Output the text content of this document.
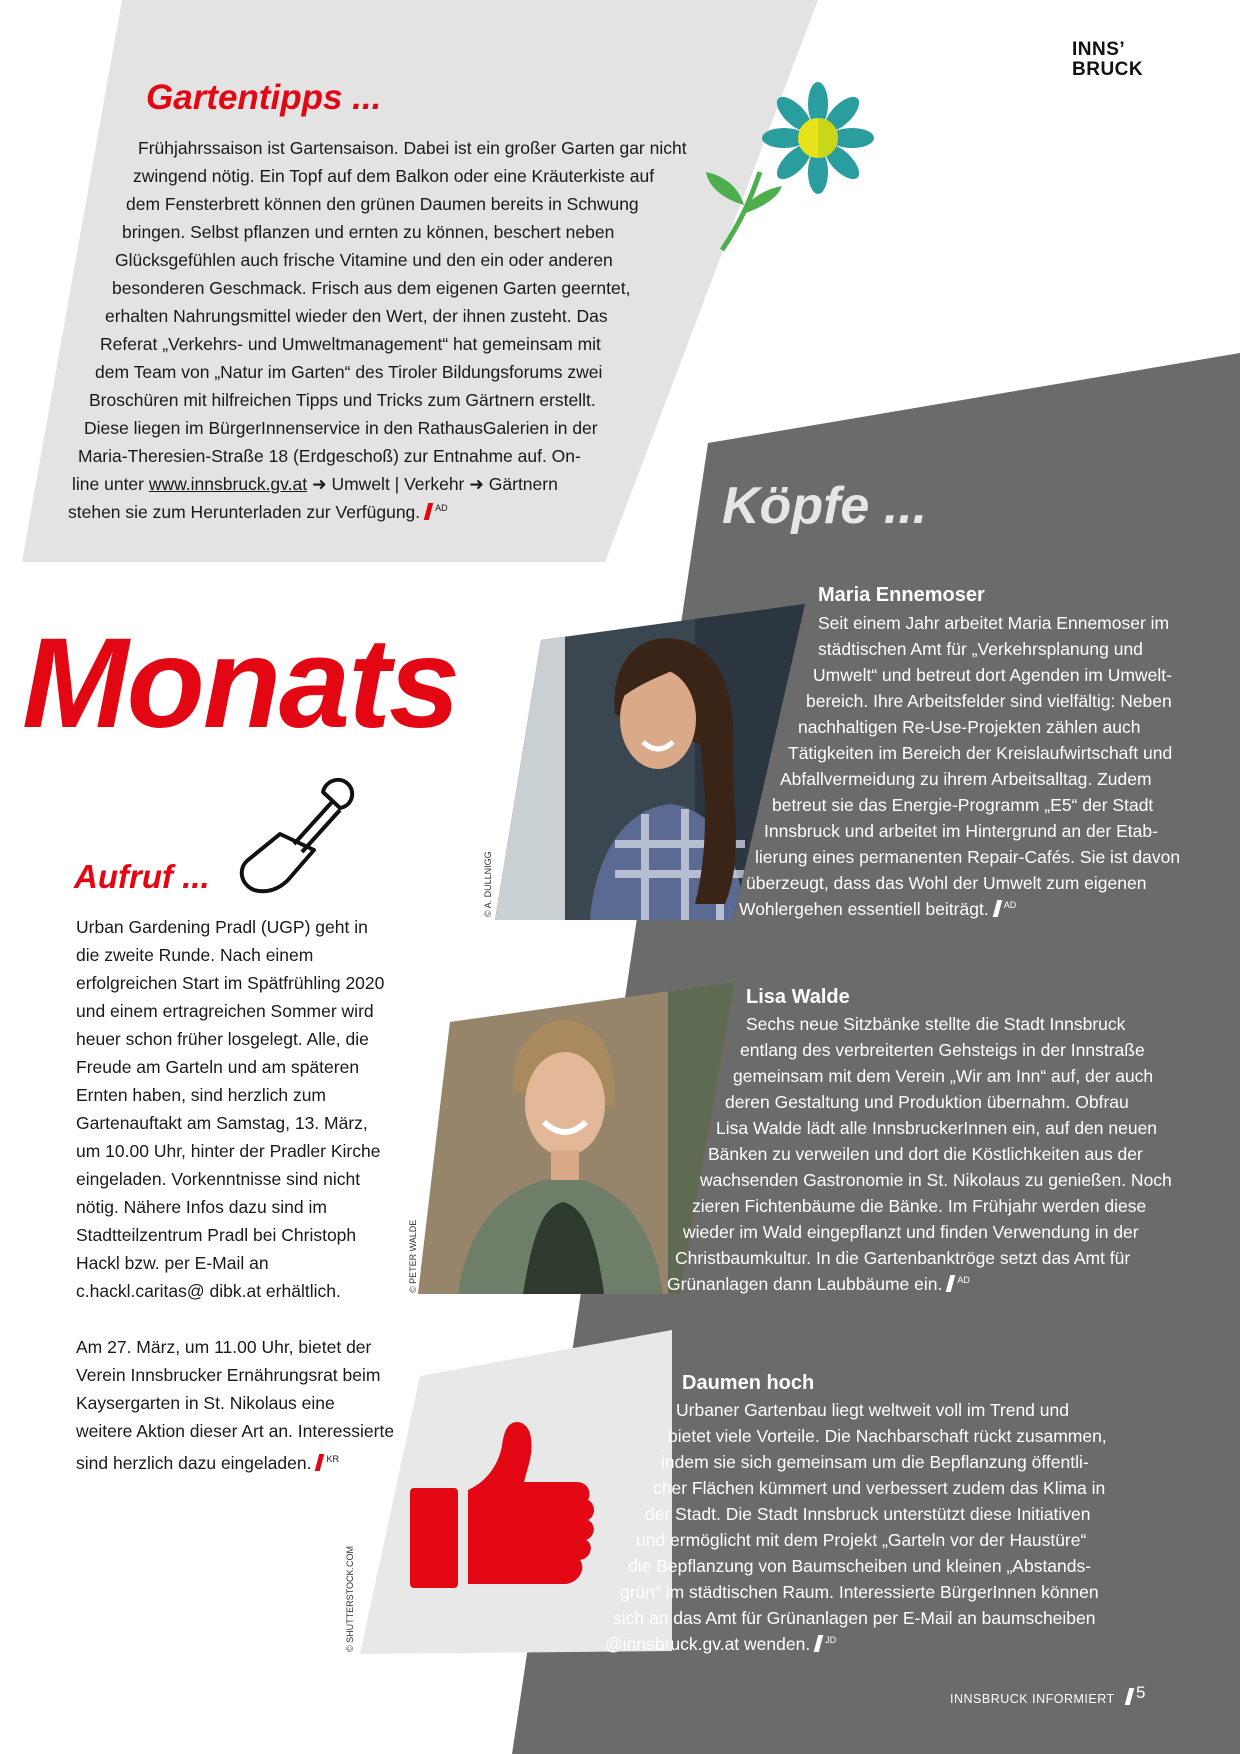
INNS’
BRUCK
Gartentipps ...
Frühjahrssaison ist Gartensaison. Dabei ist ein großer Garten gar nicht
zwingend nötig. Ein Topf auf dem Balkon oder eine Kräuterkiste auf
dem Fensterbrett können den grünen Daumen bereits in Schwung
bringen. Selbst pflanzen und ernten zu können, beschert neben
Glücksgefühlen auch frische Vitamine und den ein oder anderen
besonderen Geschmack. Frisch aus dem eigenen Garten geerntet,
erhalten Nahrungsmittel wieder den Wert, der ihnen zusteht. Das
Referat „Verkehrs- und Umweltmanagement“ hat gemeinsam mit
dem Team von „Natur im Garten“ des Tiroler Bildungsforums zwei
Broschüren mit hilfreichen Tipps und Tricks zum Gärtnern erstellt.
Diese liegen im BürgerInnenservice in den RathausGalerien in der
Maria-Theresien-Straße 18 (Erdgeschoß) zur Entnahme auf. On-
line unter www.innsbruck.gv.at ➜ Umwelt | Verkehr ➜ Gärtnern
stehen sie zum Herunterladen zur Verfügung. $^{AD}$
Monats
Aufruf ...

Urban Gardening Pradl (UGP) geht in die zweite Runde. Nach einem erfolgreichen Start im Spätfrühling 2020 und einem ertragreichen Sommer wird heuer schon früher losgelegt. Alle, die Freude am Garteln und am späteren Ernten haben, sind herzlich zum Gartenauftakt am Samstag, 13. März, um 10.00 Uhr, hinter der Pradler Kirche eingeladen. Vorkenntnisse sind nicht nötig. Nähere Infos dazu sind im Stadtteilzentrum Pradl bei Christoph Hackl bzw. per E-Mail an c.hackl.caritas@ dibk.at erhältlich.

Am 27. März, um 11.00 Uhr, bietet der Verein Innsbrucker Ernährungsrat beim Kaysergarten in St. Nikolaus eine weitere Aktion dieser Art an. Interessierte sind herzlich dazu eingeladen. $^{KR}$

Köpfe ...
© A. DULLNIGG
Maria Ennemoser
Seit einem Jahr arbeitet Maria Ennemoser im
städtischen Amt für „Verkehrsplanung und
Umwelt“ und betreut dort Agenden im Umwelt-
bereich. Ihre Arbeitsfelder sind vielfältig: Neben
nachhaltigen Re-Use-Projekten zählen auch
Tätigkeiten im Bereich der Kreislaufwirtschaft und
Abfallvermeidung zu ihrem Arbeitsalltag. Zudem
betreut sie das Energie-Programm „E5“ der Stadt
Innsbruck und arbeitet im Hintergrund an der Etab-
lierung eines permanenten Repair-Cafés. Sie ist davon
überzeugt, dass das Wohl der Umwelt zum eigenen
Wohlergehen essentiell beiträgt. $^{AD}$
© PETER WALDE
Lisa Walde
Sechs neue Sitzbänke stellte die Stadt Innsbruck
entlang des verbreiterten Gehsteigs in der Innstraße
gemeinsam mit dem Verein „Wir am Inn“ auf, der auch
deren Gestaltung und Produktion übernahm. Obfrau
Lisa Walde lädt alle InnsbruckerInnen ein, auf den neuen
Bänken zu verweilen und dort die Köstlichkeiten aus der
wachsenden Gastronomie in St. Nikolaus zu genießen. Noch
zieren Fichtenbäume die Bänke. Im Frühjahr werden diese
wieder im Wald eingepflanzt und finden Verwendung in der
Christbaumkultur. In die Gartenbanktröge setzt das Amt für
Grünanlagen dann Laubbäume ein. $^{AD}$
© SHUTTERSTOCK.COM
Daumen hoch
Urbaner Gartenbau liegt weltweit voll im Trend und
bietet viele Vorteile. Die Nachbarschaft rückt zusammen,
indem sie sich gemeinsam um die Bepflanzung öffentli-
cher Flächen kümmert und verbessert zudem das Klima in
der Stadt. Die Stadt Innsbruck unterstützt diese Initiativen
und ermöglicht mit dem Projekt „Garteln vor der Haustüre“
die Bepflanzung von Baumscheiben und kleinen „Abstands-
grün“ im städtischen Raum. Interessierte BürgerInnen können
sich an das Amt für Grünanlagen per E-Mail an baumscheiben
@innsbruck.gv.at wenden. $^{JD}$
INNSBRUCK INFORMIERT	5
